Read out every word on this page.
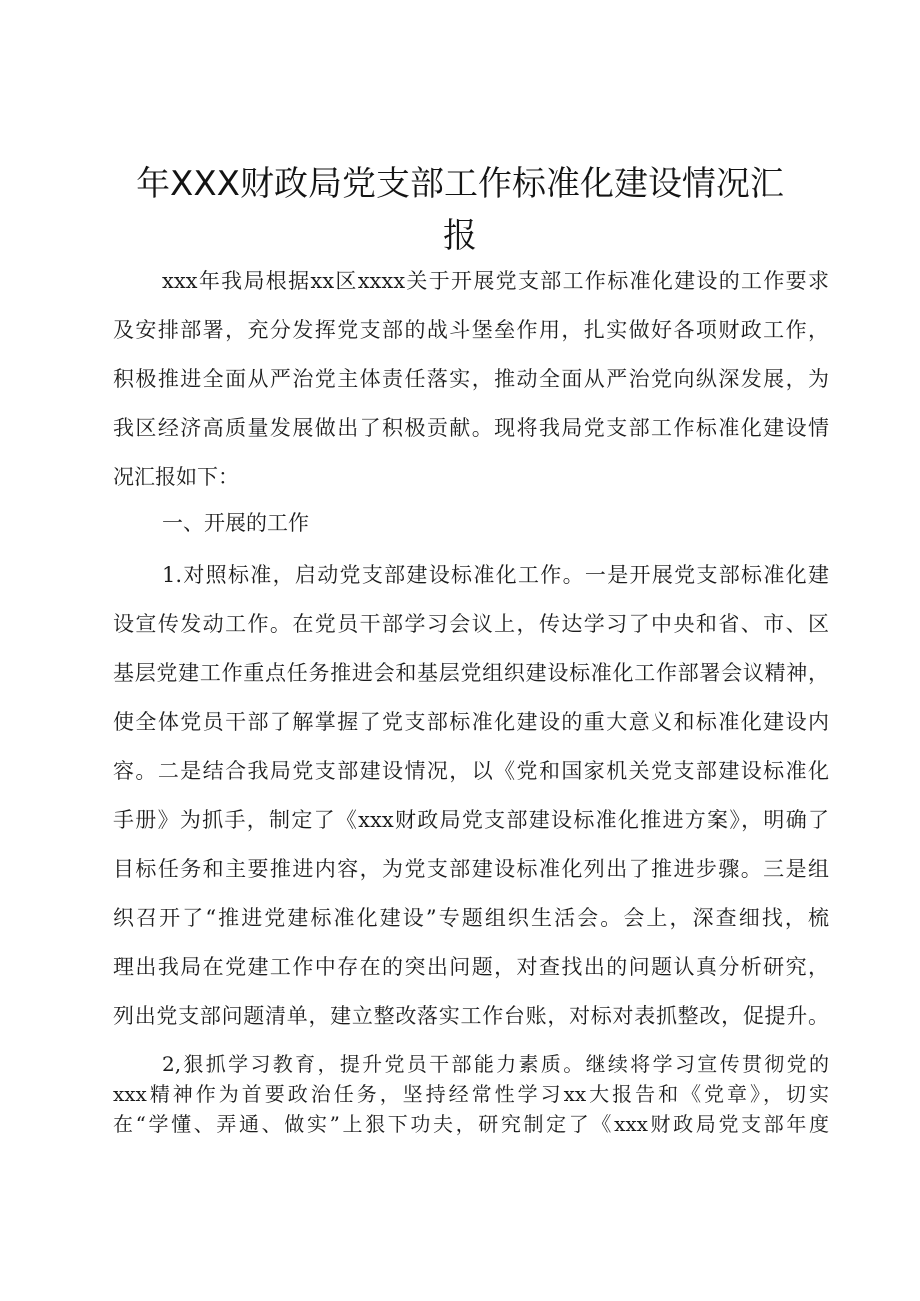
年XXX财政局党支部工作标准化建设情况汇
报

xxx年我局根据xx区xxxx关于开展党支部工作标准化建设的工作要求

及安排部署，充分发挥党支部的战斗堡垒作用，扎实做好各项财政工作，

积极推进全面从严治党主体责任落实，推动全面从严治党向纵深发展，为

我区经济高质量发展做出了积极贡献。现将我局党支部工作标准化建设情

况汇报如下：

一、开展的工作

1.对照标准，启动党支部建设标准化工作。一是开展党支部标准化建

设宣传发动工作。在党员干部学习会议上，传达学习了中央和省、市、区

基层党建工作重点任务推进会和基层党组织建设标准化工作部署会议精神，

使全体党员干部了解掌握了党支部标准化建设的重大意义和标准化建设内

容。二是结合我局党支部建设情况，以《党和国家机关党支部建设标准化

手册》为抓手，制定了《xxx财政局党支部建设标准化推进方案》，明确了

目标任务和主要推进内容，为党支部建设标准化列出了推进步骤。三是组

织召开了“推进党建标准化建设”专题组织生活会。会上，深查细找，梳

理出我局在党建工作中存在的突出问题，对查找出的问题认真分析研究，

列出党支部问题清单，建立整改落实工作台账，对标对表抓整改，促提升。

2,狠抓学习教育，提升党员干部能力素质。继续将学习宣传贯彻党的

xxx精神作为首要政治任务，坚持经常性学习xx大报告和《党章》，切实

在“学懂、弄通、做实”上狠下功夫，研究制定了《xxx财政局党支部年度
